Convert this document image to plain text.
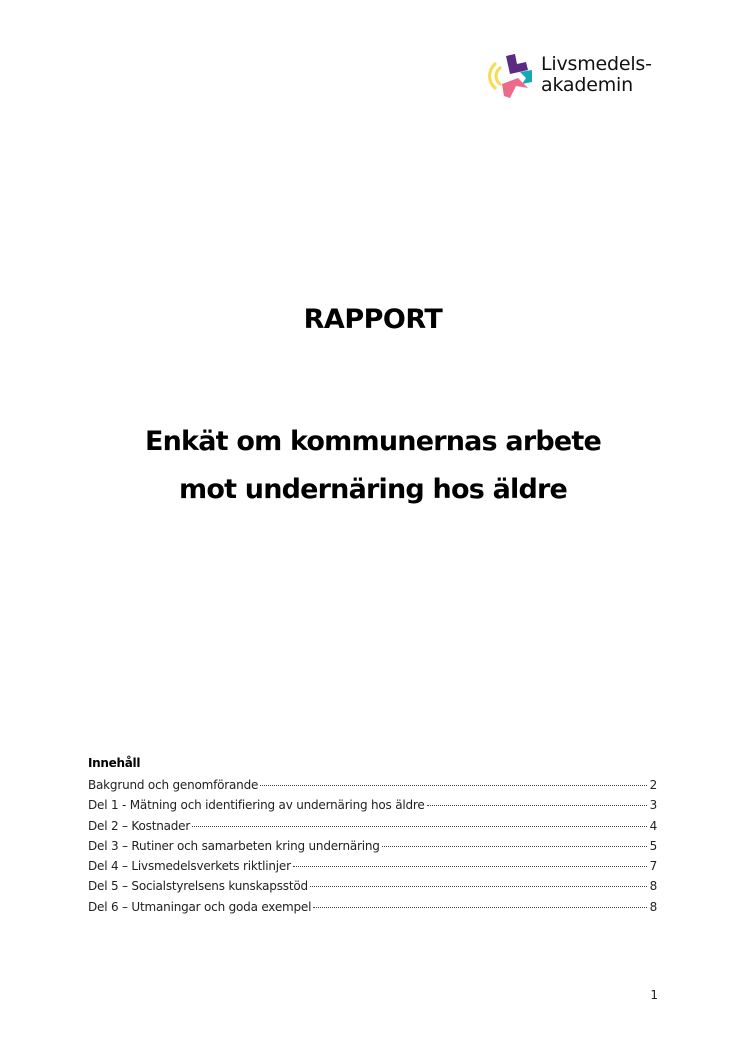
Livsmedels-
akademin
RAPPORT
Enkät om kommunernas arbete
mot undernäring hos äldre
Innehåll
Bakgrund och genomförande	2
Del 1 - Mätning och identifiering av undernäring hos äldre	3
Del 2 – Kostnader	4
Del 3 – Rutiner och samarbeten kring undernäring	5
Del 4 – Livsmedelsverkets riktlinjer	7
Del 5 – Socialstyrelsens kunskapsstöd	8
Del 6 – Utmaningar och goda exempel	8
1
